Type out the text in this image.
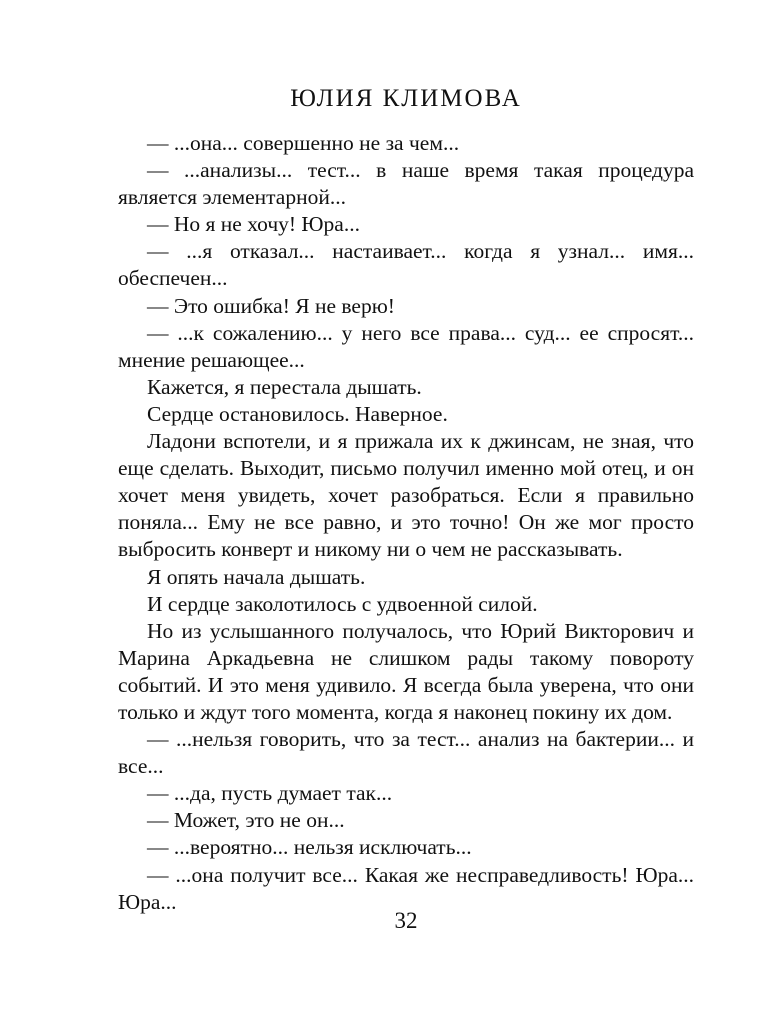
ЮЛИЯ КЛИМОВА

— ...она... совершенно не за чем...

— ...анализы... тест... в наше время такая процедура является элементарной...

— Но я не хочу! Юра...

— ...я отказал... настаивает... когда я узнал... имя... обеспечен...

— Это ошибка! Я не верю!

— ...к сожалению... у него все права... суд... ее спросят... мнение решающее...

Кажется, я перестала дышать.

Сердце остановилось. Наверное.

Ладони вспотели, и я прижала их к джинсам, не зная, что еще сделать. Выходит, письмо получил именно мой отец, и он хочет меня увидеть, хочет разобраться. Если я правильно поняла... Ему не все равно, и это точно! Он же мог просто выбросить конверт и никому ни о чем не рассказывать.

Я опять начала дышать.

И сердце заколотилось с удвоенной силой.

Но из услышанного получалось, что Юрий Викторович и Марина Аркадьевна не слишком рады такому повороту событий. И это меня удивило. Я всегда была уверена, что они только и ждут того момента, когда я наконец покину их дом.

— ...нельзя говорить, что за тест... анализ на бактерии... и все...

— ...да, пусть думает так...

— Может, это не он...

— ...вероятно... нельзя исключать...

— ...она получит все... Какая же несправедливость! Юра... Юра...

32
